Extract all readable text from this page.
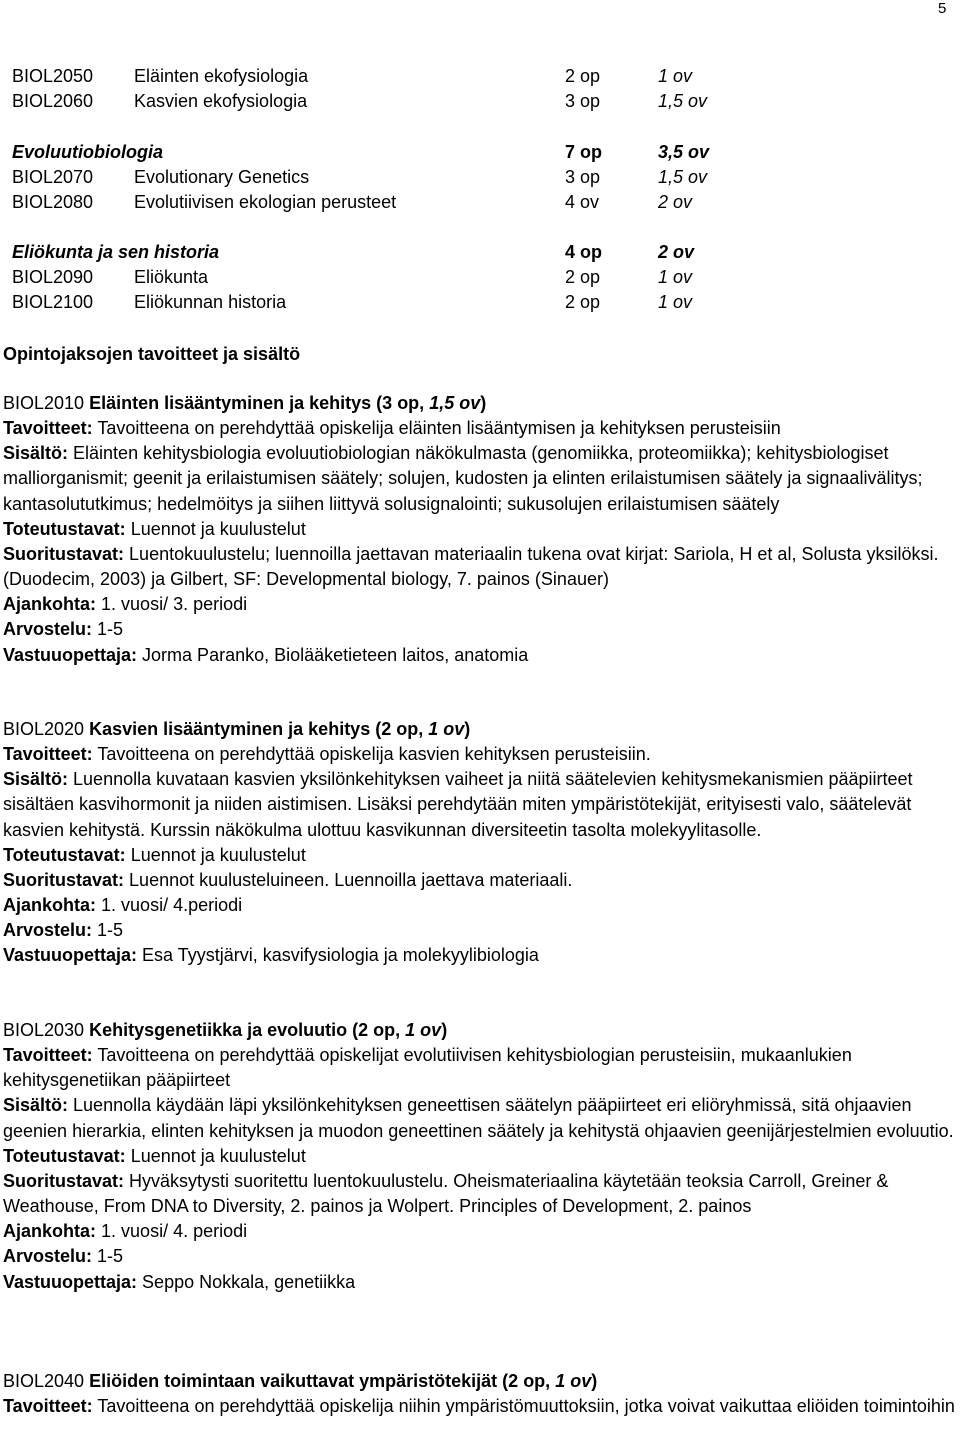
5
BIOL2050 Eläinten ekofysiologia	2 op	1 ov
BIOL2060 Kasvien ekofysiologia	3 op	1,5 ov
Evoluutiobiologia	7 op	3,5 ov
BIOL2070 Evolutionary Genetics	3 op	1,5 ov
BIOL2080 Evolutiivisen ekologian perusteet	4 ov	2 ov
Eliökunta ja sen historia	4 op	2 ov
BIOL2090 Eliökunta	2 op	1 ov
BIOL2100 Eliökunnan historia	2 op	1 ov
Opintojaksojen tavoitteet ja sisältö

BIOL2010 Eläinten lisääntyminen ja kehitys (3 op, 1,5 ov)

Tavoitteet: Tavoitteena on perehdyttää opiskelija eläinten lisääntymisen ja kehityksen perusteisiin

Sisältö: Eläinten kehitysbiologia evoluutiobiologian näkökulmasta (genomiikka, proteomiikka); kehitysbiologiset malliorganismit; geenit ja erilaistumisen säätely; solujen, kudosten ja elinten erilaistumisen säätely ja signaalivälitys; kantasolututkimus; hedelmöitys ja siihen liittyvä solusignalointi; sukusolujen erilaistumisen säätely

Toteutustavat: Luennot ja kuulustelut

Suoritustavat: Luentokuulustelu; luennoilla jaettavan materiaalin tukena ovat kirjat: Sariola, H et al, Solusta yksilöksi. (Duodecim, 2003) ja Gilbert, SF: Developmental biology, 7. painos (Sinauer)

Ajankohta: 1. vuosi/ 3. periodi

Arvostelu: 1-5

Vastuuopettaja: Jorma Paranko, Biolääketieteen laitos, anatomia

BIOL2020 Kasvien lisääntyminen ja kehitys (2 op, 1 ov)

Tavoitteet: Tavoitteena on perehdyttää opiskelija kasvien kehityksen perusteisiin.

Sisältö: Luennolla kuvataan kasvien yksilönkehityksen vaiheet ja niitä säätelevien kehitysmekanismien pääpiirteet sisältäen kasvihormonit ja niiden aistimisen. Lisäksi perehdytään miten ympäristötekijät, erityisesti valo, säätelevät kasvien kehitystä. Kurssin näkökulma ulottuu kasvikunnan diversiteetin tasolta molekyylitasolle.

Toteutustavat: Luennot ja kuulustelut

Suoritustavat: Luennot kuulusteluineen. Luennoilla jaettava materiaali.

Ajankohta: 1. vuosi/ 4.periodi

Arvostelu: 1-5

Vastuuopettaja: Esa Tyystjärvi, kasvifysiologia ja molekyylibiologia

BIOL2030 Kehitysgenetiikka ja evoluutio (2 op, 1 ov)

Tavoitteet: Tavoitteena on perehdyttää opiskelijat evolutiivisen kehitysbiologian perusteisiin, mukaanlukien kehitysgenetiikan pääpiirteet

Sisältö: Luennolla käydään läpi yksilönkehityksen geneettisen säätelyn pääpiirteet eri eliöryhmissä, sitä ohjaavien geenien hierarkia, elinten kehityksen ja muodon geneettinen säätely ja kehitystä ohjaavien geenijärjestelmien evoluutio.

Toteutustavat: Luennot ja kuulustelut

Suoritustavat: Hyväksytysti suoritettu luentokuulustelu. Oheismateriaalina käytetään teoksia Carroll, Greiner & Weathouse, From DNA to Diversity, 2. painos ja Wolpert. Principles of Development, 2. painos

Ajankohta: 1. vuosi/ 4. periodi

Arvostelu: 1-5

Vastuuopettaja: Seppo Nokkala, genetiikka

BIOL2040 Eliöiden toimintaan vaikuttavat ympäristötekijät (2 op, 1 ov)

Tavoitteet: Tavoitteena on perehdyttää opiskelija niihin ympäristömuuttoksiin, jotka voivat vaikuttaa eliöiden toimintoihin
